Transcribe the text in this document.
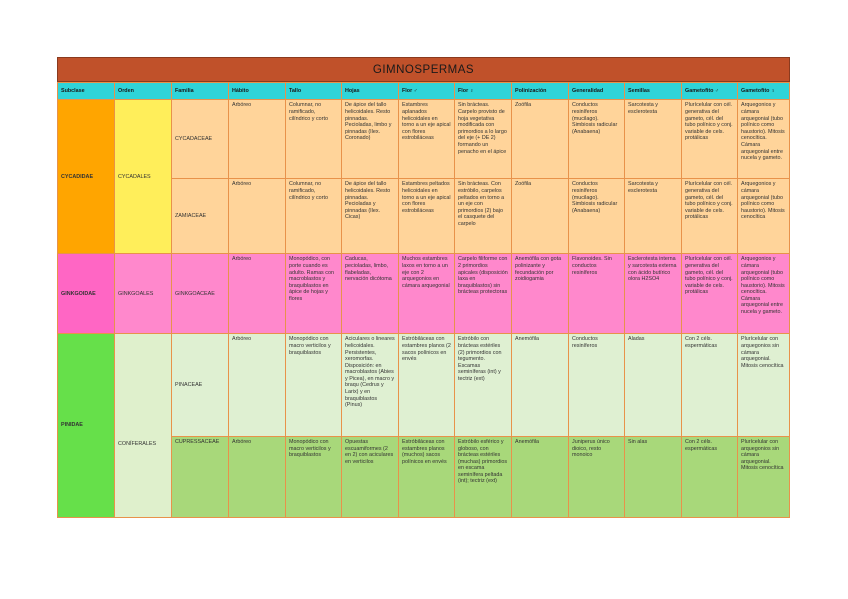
GIMNOSPERMAS
Subclase	Orden	Familia	Hábito	Tallo	Hojas	Flor ♂	Flor ♀	Polinización	Generalidad	Semillas	Gametofito ♂	Gametofito ♀
CYCADIDAE	CYCADALES	CYCADACEAE	Arbóreo	Columnar, no ramificado, cilíndrico y corto	De ápice del tallo helicoidales. Resto pinnadas. Pecioladas, limbo y pinnadas (Ilex. Coronado)	Estambres aplanados helicoidales en torno a un eje apical con flores estrobiláceas	Sin brácteas. Carpelo provisto de hoja vegetativa modificada con primordios a lo largo del eje (+ DE 2) formando un penacho en el ápice	Zoófila	Conductos resiníferos (mucilago). Simbiosis radicular (Anabaena)	Sarcotesta y esclerotesta	Plurícelular con cél. generativa del gameto, cél. del tubo polínico y conj. variable de cels. protálicas	Arquegonios y cámara arquegonial (tubo polínico como haustorio). Mitosis cenocítica. Cámara arquegonial entre nucela y gameto.
		ZAMIACEAE	Arbóreo	Columnar, no ramificado, cilíndrico y corto	De ápice del tallo helicoidales. Resto pinnadas. Pecioladas y pinnadas (Ilex. Cicas)	Estambres peltados helicoidales en torno a un eje apical con flores estrobiláceas	Sin brácteas. Con estróbilo, carpelos peltados en torno a un eje con primordios (2) bajo el casquete del carpelo	Zoófila	Conductos resiníferos (mucilago). Simbiosis radicular (Anabaena)	Sarcotesta y esclerotesta	Plurícelular con cél. generativa del gameto, cél. del tubo polínico y conj. variable de cels. protálicas	Arquegonios y cámara arquegonial (tubo polínico como haustorio). Mitosis cenocítica
GINKGOIDAE	GINKGOALES	GINKGOACEAE	Arbóreo	Monopódico, con porte cuando es adulto. Ramas con macroblastos y braquiblastos en ápice de hojas y flores	Caducas, pecioladas, limbo, flabeladas, nervación dicótoma	Muchos estambres laxos en torno a un eje con 2 arquegonios en cámara arquegonial	Carpelo filiforme con 2 primordios apicales (disposición laxa en braquiblastos) sin brácteas protectoras	Anemófila con gota polinizante y fecundación por zoidiogamia	Flavonoides. Sin conductos resiníferos	Esclerotesta interna y sarcotesta externa con ácido butírico olora H2SO4	Plurícelular con cél. generativa del gameto, cél. del tubo polínico y conj. variable de cels. protálicas	Arquegonios y cámara arquegonial (tubo polínico como haustorio). Mitosis cenocítica. Cámara arquegonial entre nucela y gameto.
PINIDAE	CONÍFERALES	PINACEAE	Arbóreo	Monopódico con macro verticilos y braquiblastos	Aciculares o lineares helicoidales. Persistentes, xeromorfas. Disposición: en macroblastos (Abies y Picea), en macro y braqu (Cedrus y Larix) y en braquiblastos (Pinus)	Estróbiláceas con estambres planos (2 sacos polínicos en envés	Estróbilo con brácteas estériles (2) primordios con tegumento. Escamas seminíferas (int) y tectriz (ext)	Anemófila	Conductos resiníferos	Aladas	Con 2 céls. espermáticas	Plurícelular con arquegonios sin cámara arquegonial. Mitosis cenocítica
		CUPRESSACEAE	Arbóreo	Monopódico con macro verticilos y braquiblastos	Opuestas escuamiformes (2 en 2) con aciculares en verticilos	Estróbiláceas con estambres planos (muchos) sacos polínicos en envés	Estróbilo esférico y globoso, con brácteas estériles (muchas) primordios en escama seminífera peltada (int); tectriz (ext)	Anemófila	Juniperus único dioico, resto monoico	Sin alas	Con 2 céls. espermáticas	Plurícelular con arquegonios sin cámara arquegonial. Mitosis cenocítica
